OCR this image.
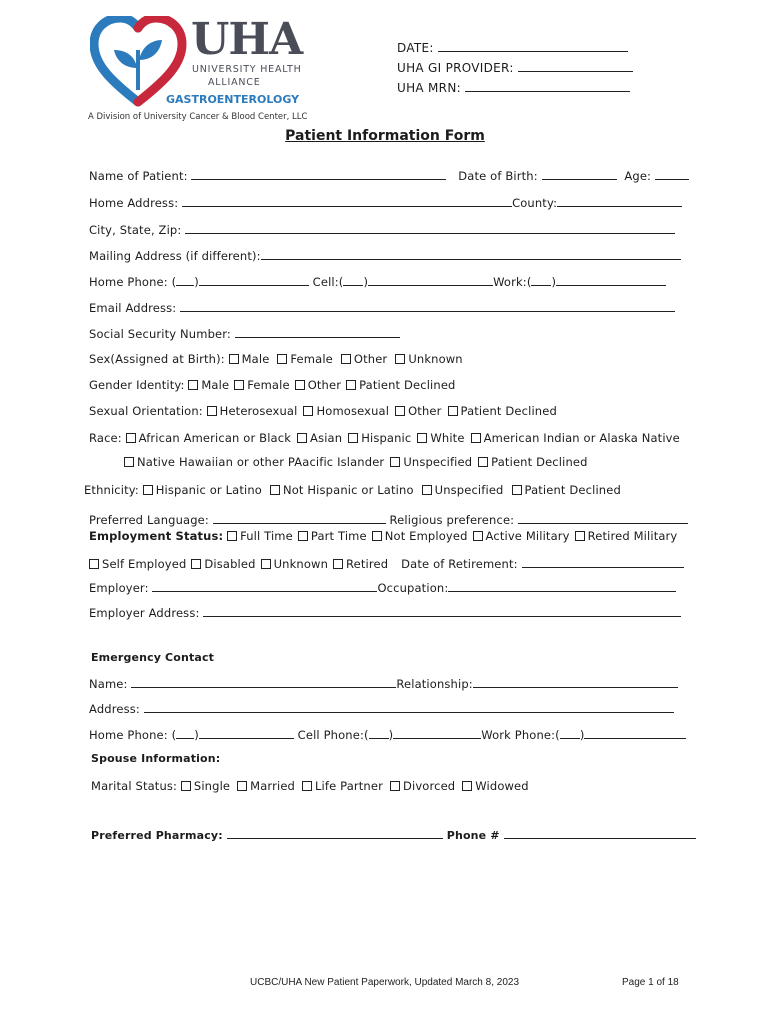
UHA
UNIVERSITY HEALTH
ALLIANCE
GASTROENTEROLOGY
A Division of University Cancer & Blood Center, LLC
DATE:
UHA GI PROVIDER:
UHA MRN:
Patient Information Form
Name of Patient:	Date of Birth:	Age:
Home Address:	County:
City, State, Zip:
Mailing Address (if different):
Home Phone: ( )	Cell:( )	Work:( )
Email Address:
Social Security Number:
Sex(Assigned at Birth): Male Female Other Unknown
Gender Identity: Male Female Other Patient Declined
Sexual Orientation: Heterosexual Homosexual Other Patient Declined
Race: African American or Black Asian Hispanic White American Indian or Alaska Native
Native Hawaiian or other PAacific Islander Unspecified Patient Declined
Ethnicity: Hispanic or Latino Not Hispanic or Latino Unspecified Patient Declined
Preferred Language:	Religious preference:
Employment Status: Full Time Part Time Not Employed Active Military Retired Military
Self Employed Disabled Unknown Retired Date of Retirement:
Employer:	Occupation:
Employer Address:
Emergency Contact
Name:	Relationship:
Address:
Home Phone: ( )	Cell Phone:( )	Work Phone:( )
Spouse Information:
Marital Status: Single Married Life Partner Divorced Widowed
Preferred Pharmacy:	Phone #
UCBC/UHA New Patient Paperwork, Updated March 8, 2023	Page 1 of 18
